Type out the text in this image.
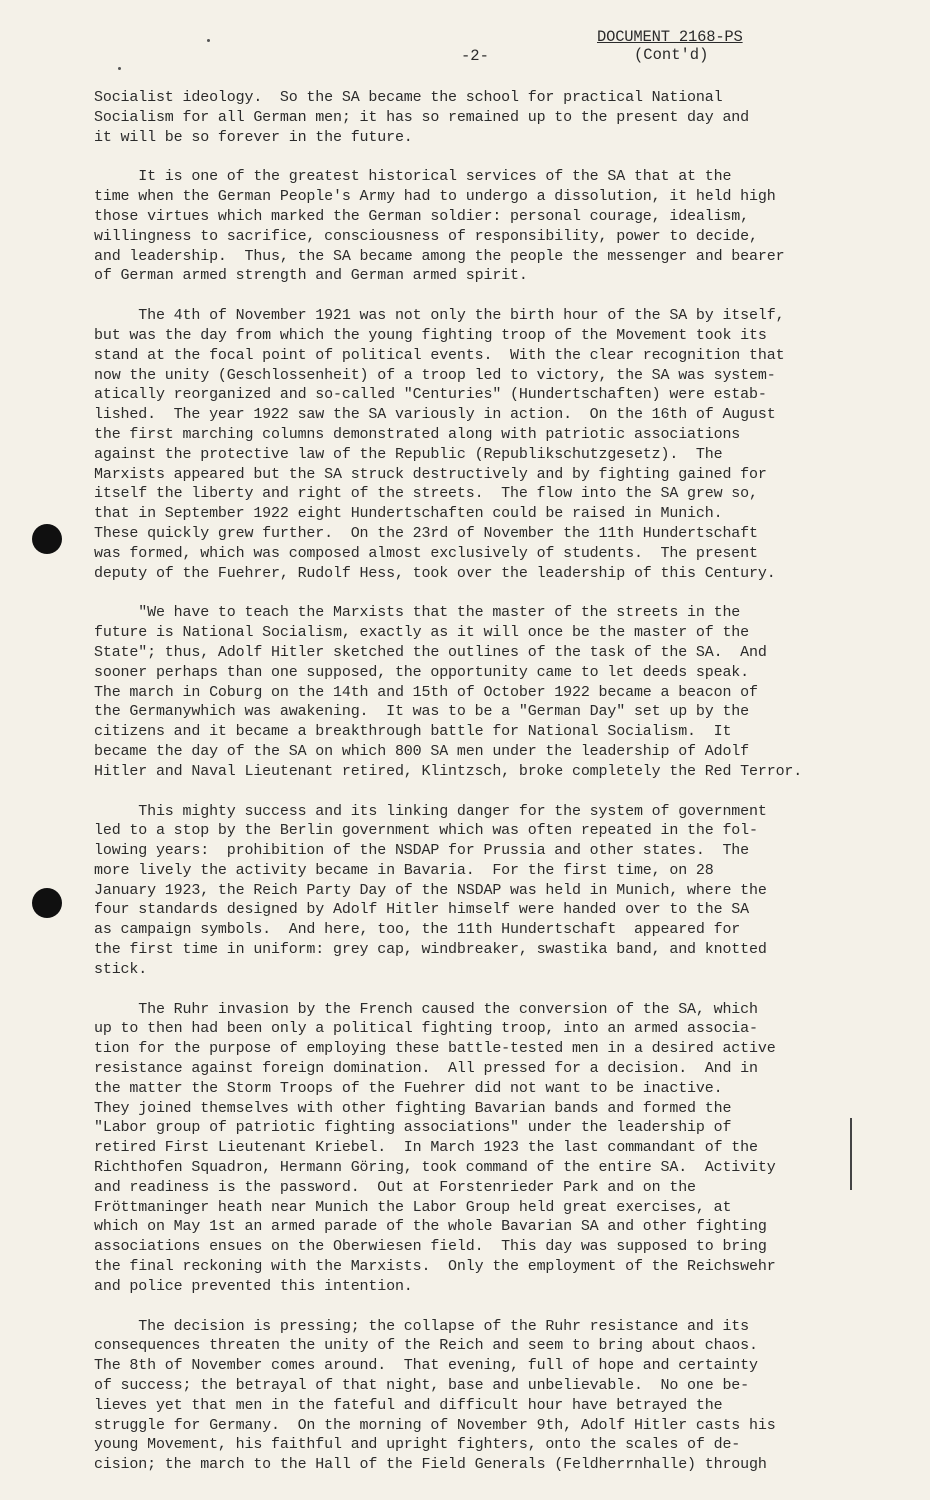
DOCUMENT 2168-PS
(Cont'd)
-2-
Socialist ideology.  So the SA became the school for practical National
Socialism for all German men; it has so remained up to the present day and
it will be so forever in the future.
It is one of the greatest historical services of the SA that at the
time when the German People's Army had to undergo a dissolution, it held high
those virtues which marked the German soldier: personal courage, idealism,
willingness to sacrifice, consciousness of responsibility, power to decide,
and leadership.  Thus, the SA became among the people the messenger and bearer
of German armed strength and German armed spirit.
The 4th of November 1921 was not only the birth hour of the SA by itself,
but was the day from which the young fighting troop of the Movement took its
stand at the focal point of political events.  With the clear recognition that
now the unity (Geschlossenheit) of a troop led to victory, the SA was system-
atically reorganized and so-called "Centuries" (Hundertschaften) were estab-
lished.  The year 1922 saw the SA variously in action.  On the 16th of August
the first marching columns demonstrated along with patriotic associations
against the protective law of the Republic (Republikschutzgesetz).  The
Marxists appeared but the SA struck destructively and by fighting gained for
itself the liberty and right of the streets.  The flow into the SA grew so,
that in September 1922 eight Hundertschaften could be raised in Munich.
These quickly grew further.  On the 23rd of November the 11th Hundertschaft
was formed, which was composed almost exclusively of students.  The present
deputy of the Fuehrer, Rudolf Hess, took over the leadership of this Century.
"We have to teach the Marxists that the master of the streets in the
future is National Socialism, exactly as it will once be the master of the
State"; thus, Adolf Hitler sketched the outlines of the task of the SA.  And
sooner perhaps than one supposed, the opportunity came to let deeds speak.
The march in Coburg on the 14th and 15th of October 1922 became a beacon of
the Germanywhich was awakening.  It was to be a "German Day" set up by the
citizens and it became a breakthrough battle for National Socialism.  It
became the day of the SA on which 800 SA men under the leadership of Adolf
Hitler and Naval Lieutenant retired, Klintzsch, broke completely the Red Terror.
This mighty success and its linking danger for the system of government
led to a stop by the Berlin government which was often repeated in the fol-
lowing years:  prohibition of the NSDAP for Prussia and other states.  The
more lively the activity became in Bavaria.  For the first time, on 28
January 1923, the Reich Party Day of the NSDAP was held in Munich, where the
four standards designed by Adolf Hitler himself were handed over to the SA
as campaign symbols.  And here, too, the 11th Hundertschaft  appeared for
the first time in uniform: grey cap, windbreaker, swastika band, and knotted
stick.
The Ruhr invasion by the French caused the conversion of the SA, which
up to then had been only a political fighting troop, into an armed associa-
tion for the purpose of employing these battle-tested men in a desired active
resistance against foreign domination.  All pressed for a decision.  And in
the matter the Storm Troops of the Fuehrer did not want to be inactive.
They joined themselves with other fighting Bavarian bands and formed the
"Labor group of patriotic fighting associations" under the leadership of
retired First Lieutenant Kriebel.  In March 1923 the last commandant of the
Richthofen Squadron, Hermann Göring, took command of the entire SA.  Activity
and readiness is the password.  Out at Forstenrieder Park and on the
Fröttmaninger heath near Munich the Labor Group held great exercises, at
which on May 1st an armed parade of the whole Bavarian SA and other fighting
associations ensues on the Oberwiesen field.  This day was supposed to bring
the final reckoning with the Marxists.  Only the employment of the Reichswehr
and police prevented this intention.
The decision is pressing; the collapse of the Ruhr resistance and its
consequences threaten the unity of the Reich and seem to bring about chaos.
The 8th of November comes around.  That evening, full of hope and certainty
of success; the betrayal of that night, base and unbelievable.  No one be-
lieves yet that men in the fateful and difficult hour have betrayed the
struggle for Germany.  On the morning of November 9th, Adolf Hitler casts his
young Movement, his faithful and upright fighters, onto the scales of de-
cision; the march to the Hall of the Field Generals (Feldherrnhalle) through
